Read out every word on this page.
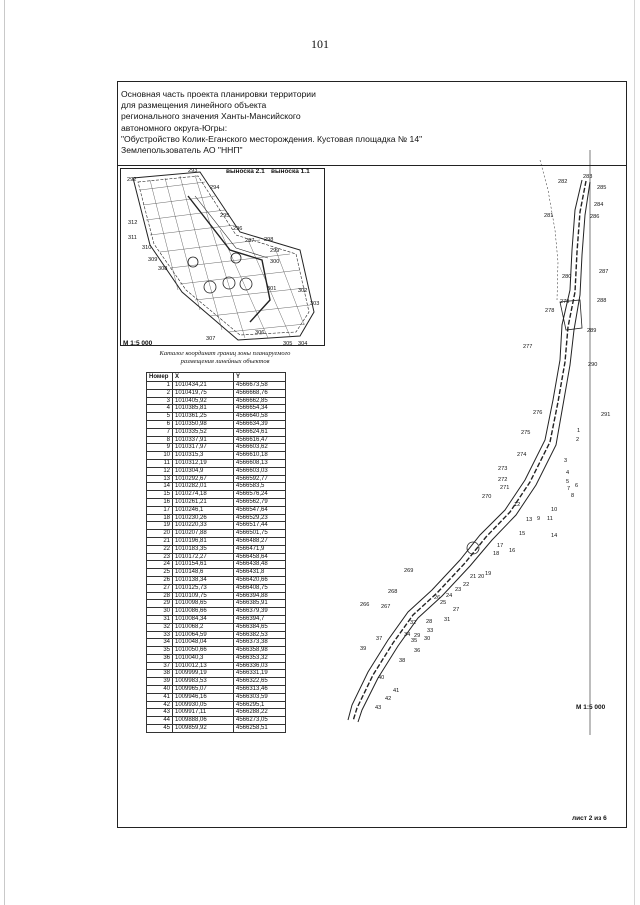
101
Основная часть проекта планировки территории
для размещения линейного объекта
регионального значения Ханты-Мансийского
автономного округа-Югры:
"Обустройство Колик-Еганского месторождения. Кустовая площадка № 14"
Землепользователь АО "ННП"
1
2
3
4
5
6
7
8
9
10
11
12
13
14
15
16
17
18
19
20
21
22
23
24
25
26
27
28
29 30
31
32
33
34
35
36
37
38
39
40
41
42
43
266 267
268
269
270
271
272
273
274
275
276
277
278
279
280
281
282
283
284
285
286
287
288
289
290
291
292
293
294
295
296
297 298
299
300
301	302
303
304
305
306
307
308
309
310
311
312
выноска 2.1 выноска 1.1
М 1:5 000
Каталог координат границ зоны планируемого
размещения линейных объектов
Номер	X	Y
1	1010434,21	4566673,58
2	1010419,75	4566668,76
3	1010405,92	4566662,85
4	1010385,81	4566654,34
5	1010361,25	4566640,58
6	1010350,98	4566634,39
7	1010335,52	4566624,61
8	1010337,91	4566616,47
9	1010317,97	4566603,62
10	1010315,3	4566610,18
11	1010312,19	4566608,13
12	1010304,9	4566603,03
13	1010292,67	4566592,77
14	1010282,01	4566583,5
15	1010274,18	4566576,24
16	1010261,21	4566562,79
17	1010246,1	4566547,64
18	1010230,26	4566529,23
19	1010220,33	4566517,44
20	1010207,88	4566501,75
21	1010196,81	4566488,27
22	1010183,35	4566471,9
23	1010172,27	4566458,64
24	1010154,61	4566438,48
25	1010148,6	4566431,8
26	1010138,34	4566420,66
27	1010125,73	4566408,75
28	1010109,75	4566394,88
29	1010098,65	4566385,91
30	1010086,66	4566379,39
31	1010084,34	4566394,7
32	1010068,2	4566384,65
33	1010064,59	4566382,53
34	1010048,04	4566373,38
35	1010050,66	4566358,98
36	1010040,3	4566353,32
37	1010012,13	4566336,03
38	1009999,19	4566331,19
39	1009983,53	4566322,65
40	1009965,07	4566313,46
41	1009946,16	4566303,59
42	1009930,05	4566295,1
43	1009917,11	4566288,22
44	1009888,06	4566273,05
45	1009859,92	4566258,51
М 1:5 000
лист 2 из 6
